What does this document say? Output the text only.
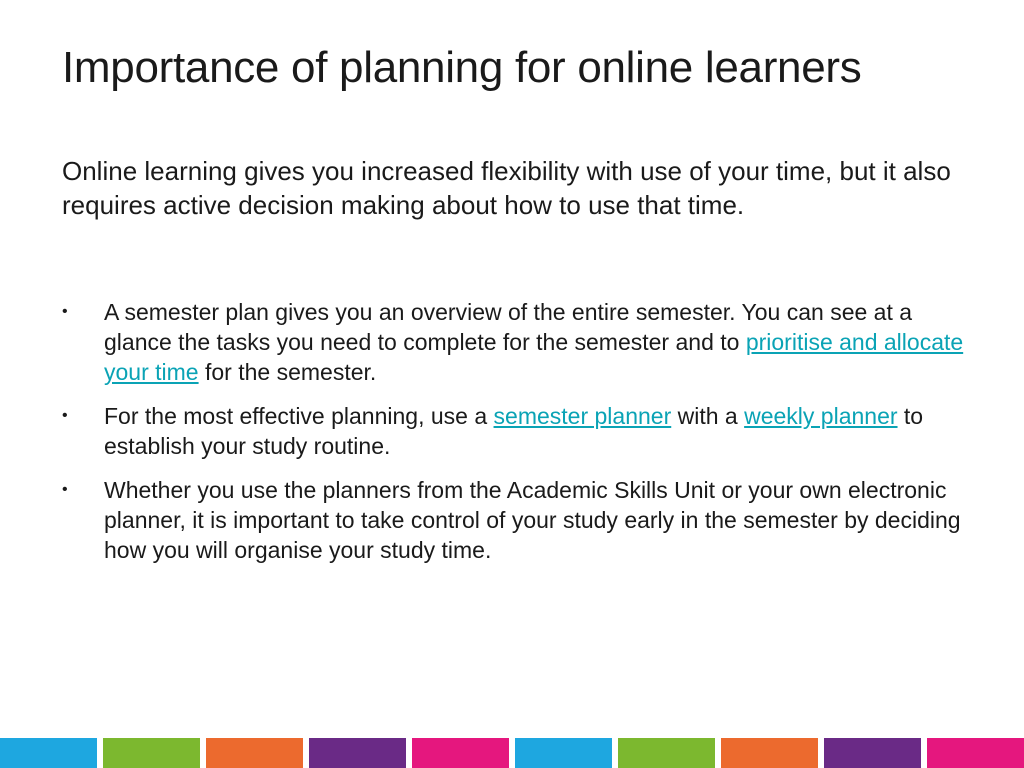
Importance of planning for online learners

Online learning gives you increased flexibility with use of your time, but it also requires active decision making about how to use that time.

• A semester plan gives you an overview of the entire semester. You can see at a glance the tasks you need to complete for the semester and to prioritise and allocate your time for the semester.
• For the most effective planning, use a semester planner with a weekly planner to establish your study routine.
• Whether you use the planners from the Academic Skills Unit or your own electronic planner, it is important to take control of your study early in the semester by deciding how you will organise your study time.
